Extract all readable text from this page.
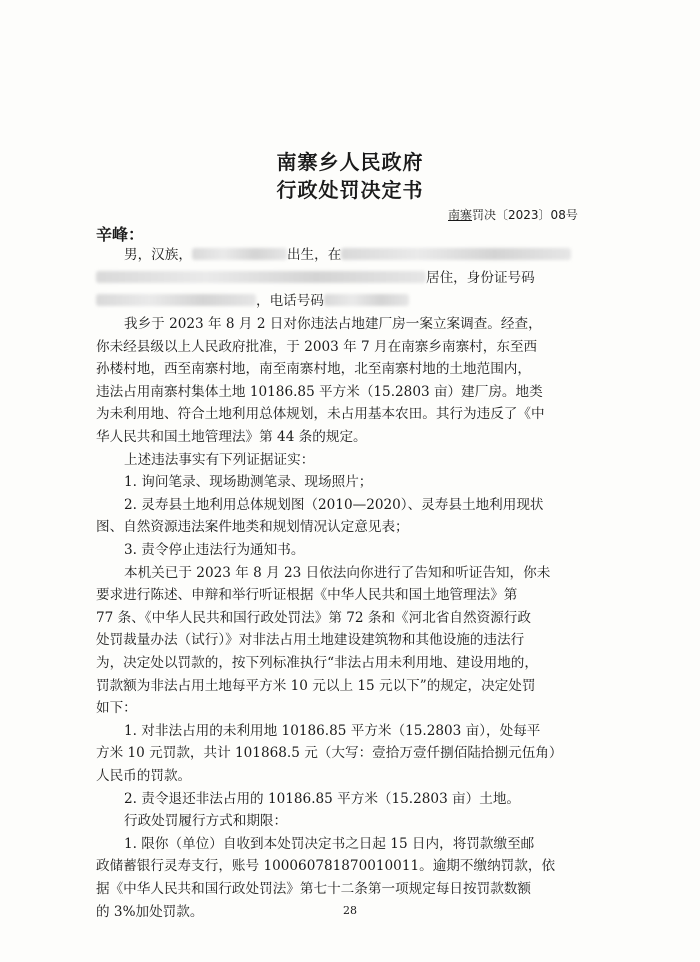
南寨乡人民政府
行政处罚决定书
南寨罚决〔2023〕08号
辛峰：
男，汉族，	出生，在
居住，身份证号码
，电话号码
我乡于 2023 年 8 月 2 日对你违法占地建厂房一案立案调查。经查，
你未经县级以上人民政府批准，于 2003 年 7 月在南寨乡南寨村，东至西
孙楼村地，西至南寨村地，南至南寨村地，北至南寨村地的土地范围内，
违法占用南寨村集体土地 10186.85 平方米（15.2803 亩）建厂房。地类
为未利用地、符合土地利用总体规划，未占用基本农田。其行为违反了《中
华人民共和国土地管理法》第 44 条的规定。
上述违法事实有下列证据证实：
1. 询问笔录、现场勘测笔录、现场照片；
2. 灵寿县土地利用总体规划图（2010—2020）、灵寿县土地利用现状
图、自然资源违法案件地类和规划情况认定意见表；
3. 责令停止违法行为通知书。
本机关已于 2023 年 8 月 23 日依法向你进行了告知和听证告知，你未
要求进行陈述、申辩和举行听证根据《中华人民共和国土地管理法》第
77 条、《中华人民共和国行政处罚法》第 72 条和《河北省自然资源行政
处罚裁量办法（试行）》对非法占用土地建设建筑物和其他设施的违法行
为，决定处以罚款的，按下列标准执行“非法占用未利用地、建设用地的，
罚款额为非法占用土地每平方米 10 元以上 15 元以下”的规定，决定处罚
如下：
1. 对非法占用的未利用地 10186.85 平方米（15.2803 亩），处每平
方米 10 元罚款，共计 101868.5 元（大写：壹拾万壹仟捌佰陆拾捌元伍角）
人民币的罚款。
2. 责令退还非法占用的 10186.85 平方米（15.2803 亩）土地。
行政处罚履行方式和期限：
1. 限你（单位）自收到本处罚决定书之日起 15 日内，将罚款缴至邮
政储蓄银行灵寿支行，账号 100060781870010011。逾期不缴纳罚款，依
28
据《中华人民共和国行政处罚法》第七十二条第一项规定每日按罚款数额
的 3%加处罚款。
